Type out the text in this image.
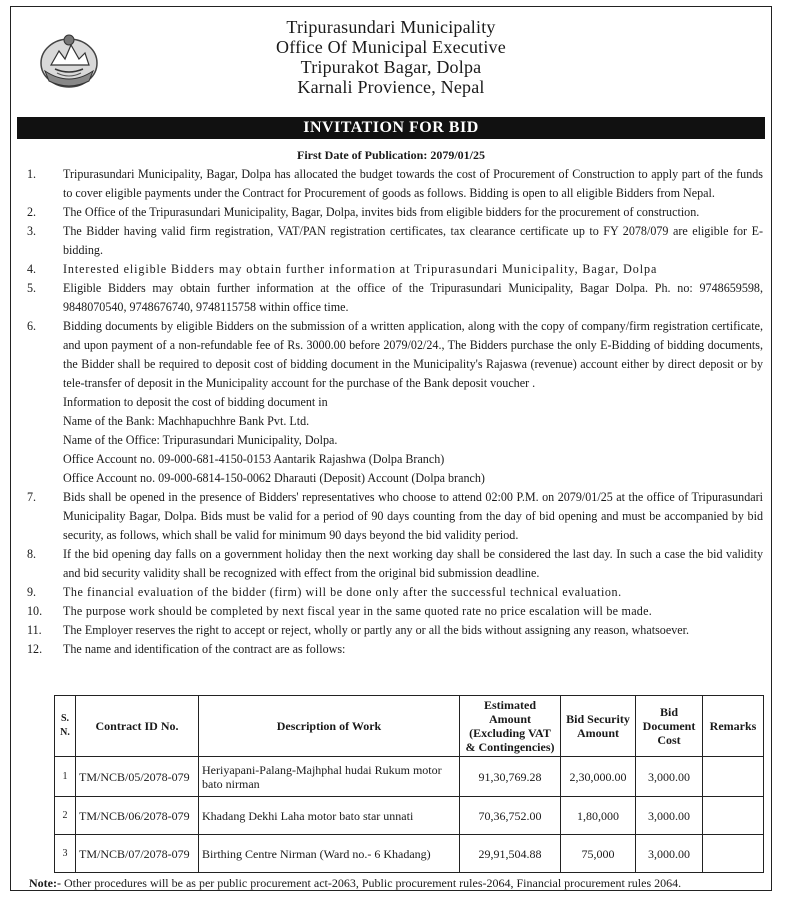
Tripurasundari Municipality
Office Of Municipal Executive
Tripurakot Bagar, Dolpa
Karnali Provience, Nepal
INVITATION FOR BID
First Date of Publication: 2079/01/25
1. Tripurasundari Municipality, Bagar, Dolpa has allocated the budget towards the cost of Procurement of Construction to apply part of the funds to cover eligible payments under the Contract for Procurement of goods as follows. Bidding is open to all eligible Bidders from Nepal.
2. The Office of the Tripurasundari Municipality, Bagar, Dolpa, invites bids from eligible bidders for the procurement of construction.
3. The Bidder having valid firm registration, VAT/PAN registration certificates, tax clearance certificate up to FY 2078/079 are eligible for E-bidding.
4. Interested eligible Bidders may obtain further information at Tripurasundari Municipality, Bagar, Dolpa
5. Eligible Bidders may obtain further information at the office of the Tripurasundari Municipality, Bagar Dolpa. Ph. no: 9748659598, 9848070540, 9748676740, 9748115758 within office time.
6. Bidding documents by eligible Bidders on the submission of a written application, along with the copy of company/firm registration certificate, and upon payment of a non-refundable fee of Rs. 3000.00 before 2079/02/24., The Bidders purchase the only E-Bidding of bidding documents, the Bidder shall be required to deposit cost of bidding document in the Municipality's Rajaswa (revenue) account either by direct deposit or by tele-transfer of deposit in the Municipality account for the purchase of the Bank deposit voucher .
Information to deposit the cost of bidding document in
Name of the Bank: Machhapuchhre Bank Pvt. Ltd.
Name of the Office: Tripurasundari Municipality, Dolpa.
Office Account no. 09-000-681-4150-0153 Aantarik Rajashwa (Dolpa Branch)
Office Account no. 09-000-6814-150-0062 Dharauti (Deposit) Account (Dolpa branch)
7. Bids shall be opened in the presence of Bidders' representatives who choose to attend 02:00 P.M. on 2079/01/25 at the office of Tripurasundari Municipality Bagar, Dolpa. Bids must be valid for a period of 90 days counting from the day of bid opening and must be accompanied by bid security, as follows, which shall be valid for minimum 90 days beyond the bid validity period.
8. If the bid opening day falls on a government holiday then the next working day shall be considered the last day. In such a case the bid validity and bid security validity shall be recognized with effect from the original bid submission deadline.
9. The financial evaluation of the bidder (firm) will be done only after the successful technical evaluation.
10. The purpose work should be completed by next fiscal year in the same quoted rate no price escalation will be made.
11. The Employer reserves the right to accept or reject, wholly or partly any or all the bids without assigning any reason, whatsoever.
12. The name and identification of the contract are as follows:
S. N.	Contract ID No.	Description of Work	Estimated Amount (Excluding VAT & Contingencies)	Bid Security Amount	Bid Document Cost	Remarks
1	TM/NCB/05/2078-079	Heriyapani-Palang-Majhphal hudai Rukum motor bato nirman	91,30,769.28	2,30,000.00	3,000.00	
2	TM/NCB/06/2078-079	Khadang Dekhi Laha motor bato star unnati	70,36,752.00	1,80,000	3,000.00	
3	TM/NCB/07/2078-079	Birthing Centre Nirman (Ward no.- 6 Khadang)	29,91,504.88	75,000	3,000.00	
Note:- Other procedures will be as per public procurement act-2063, Public procurement rules-2064, Financial procurement rules 2064.
